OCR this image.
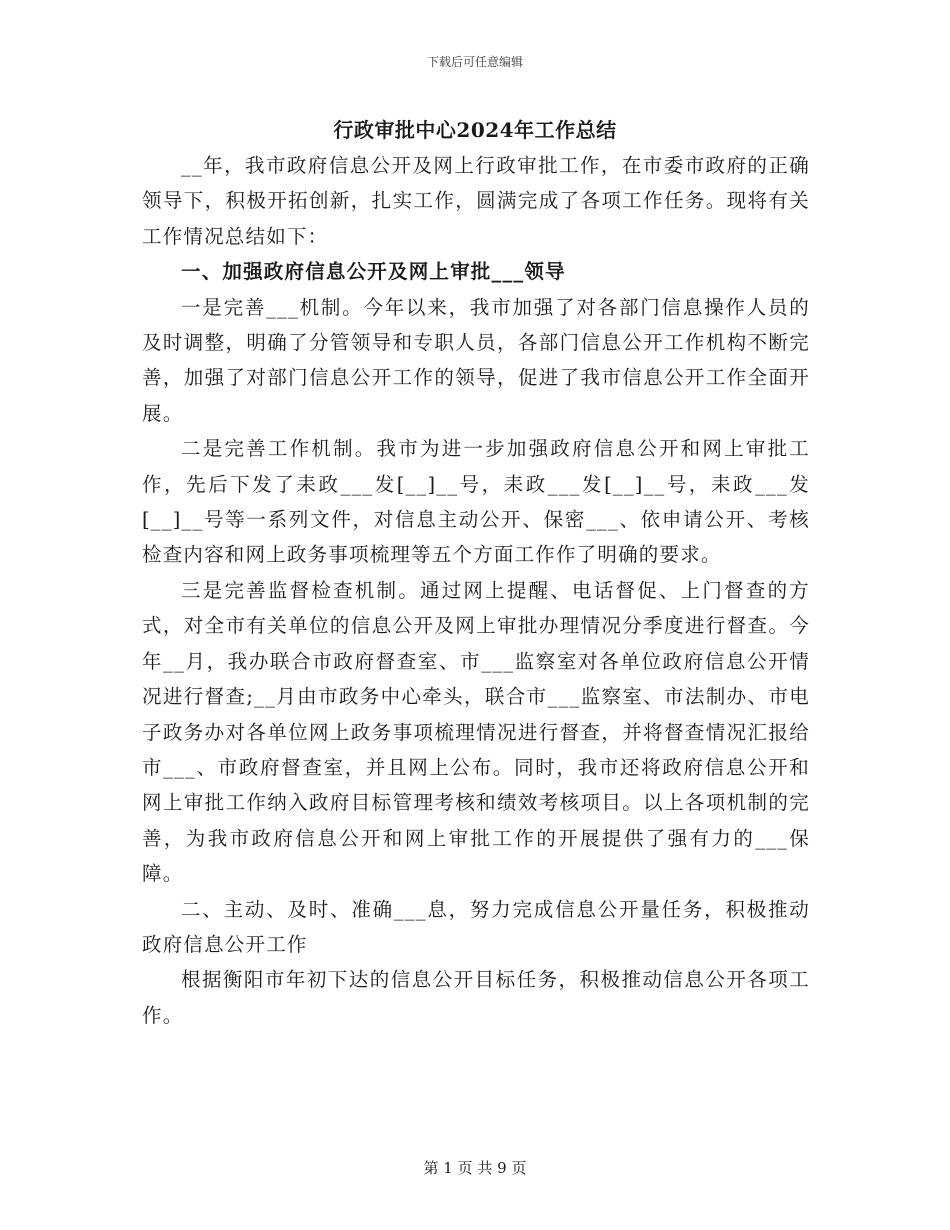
下载后可任意编辑
行政审批中心2024年工作总结

__年，我市政府信息公开及网上行政审批工作，在市委市政府的正确领导下，积极开拓创新，扎实工作，圆满完成了各项工作任务。现将有关工作情况总结如下：

一、加强政府信息公开及网上审批___领导

一是完善___机制。今年以来，我市加强了对各部门信息操作人员的及时调整，明确了分管领导和专职人员，各部门信息公开工作机构不断完善，加强了对部门信息公开工作的领导，促进了我市信息公开工作全面开展。

二是完善工作机制。我市为进一步加强政府信息公开和网上审批工作，先后下发了耒政___发[__]__号，耒政___发[__]__号，耒政___发[__]__号等一系列文件，对信息主动公开、保密___、依申请公开、考核检查内容和网上政务事项梳理等五个方面工作作了明确的要求。

三是完善监督检查机制。通过网上提醒、电话督促、上门督查的方式，对全市有关单位的信息公开及网上审批办理情况分季度进行督查。今年__月，我办联合市政府督查室、市___监察室对各单位政府信息公开情况进行督查;__月由市政务中心牵头，联合市___监察室、市法制办、市电子政务办对各单位网上政务事项梳理情况进行督查，并将督查情况汇报给市___、市政府督查室，并且网上公布。同时，我市还将政府信息公开和网上审批工作纳入政府目标管理考核和绩效考核项目。以上各项机制的完善，为我市政府信息公开和网上审批工作的开展提供了强有力的___保障。

二、主动、及时、准确___息，努力完成信息公开量任务，积极推动政府信息公开工作

根据衡阳市年初下达的信息公开目标任务，积极推动信息公开各项工作。

第 1 页 共 9 页
